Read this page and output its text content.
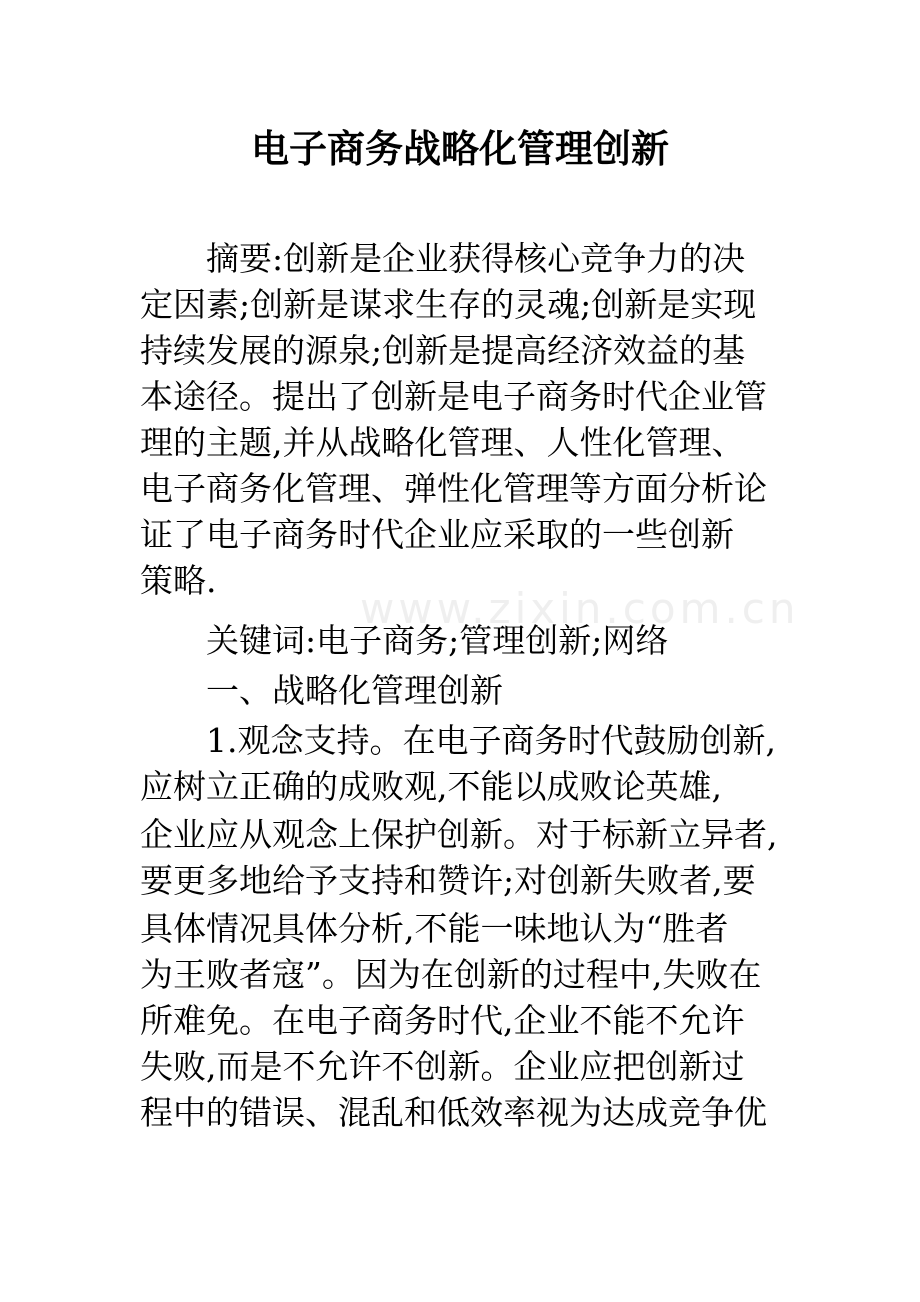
www.zixin.com.cn
电子商务战略化管理创新
摘要:创新是企业获得核心竞争力的决
定因素;创新是谋求生存的灵魂;创新是实现
持续发展的源泉;创新是提高经济效益的基
本途径。提出了创新是电子商务时代企业管
理的主题,并从战略化管理、人性化管理、
电子商务化管理、弹性化管理等方面分析论
证了电子商务时代企业应采取的一些创新
策略.
关键词:电子商务;管理创新;网络
一、战略化管理创新
1.观念支持。在电子商务时代鼓励创新,
应树立正确的成败观,不能以成败论英雄,
企业应从观念上保护创新。对于标新立异者,
要更多地给予支持和赞许;对创新失败者,要
具体情况具体分析,不能一味地认为“胜者
为王败者寇”。因为在创新的过程中,失败在
所难免。在电子商务时代,企业不能不允许
失败,而是不允许不创新。企业应把创新过
程中的错误、混乱和低效率视为达成竞争优
